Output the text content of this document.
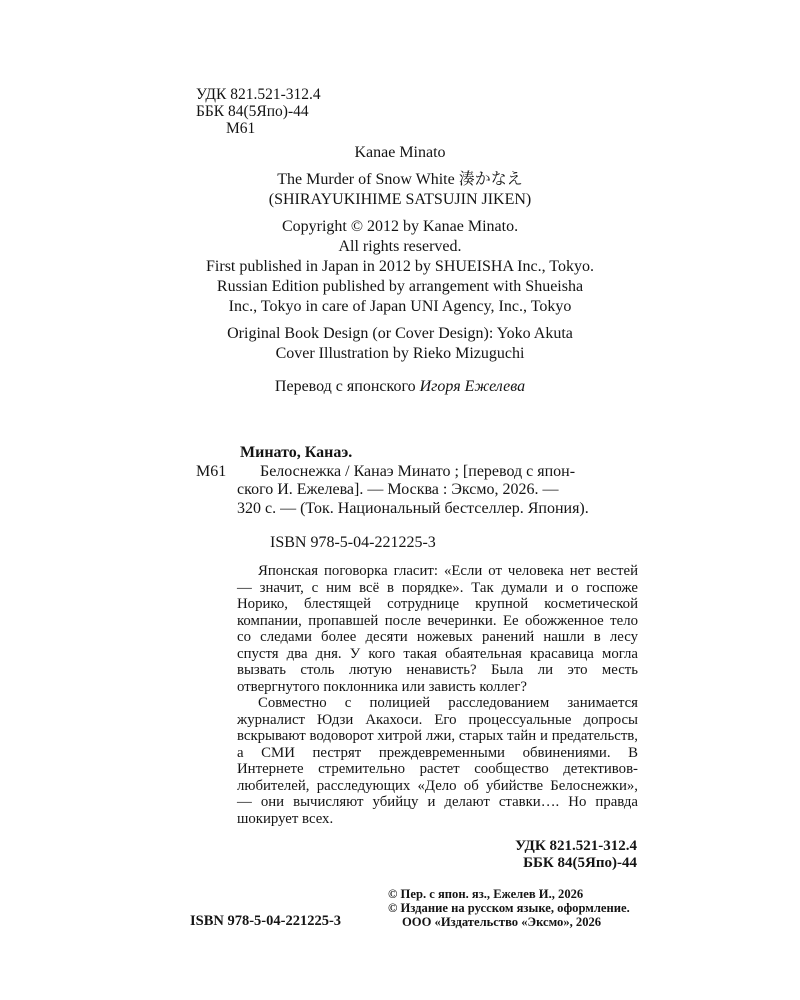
УДК 821.521-312.4
ББК 84(5Япо)-44
М61
Kanae Minato
The Murder of Snow White 湊かなえ
(SHIRAYUKIHIME SATSUJIN JIKEN)
Copyright © 2012 by Kanae Minato.
All rights reserved.
First published in Japan in 2012 by SHUEISHA Inc., Tokyo.
Russian Edition published by arrangement with Shueisha
Inc., Tokyo in care of Japan UNI Agency, Inc., Tokyo
Original Book Design (or Cover Design): Yoko Akuta
Cover Illustration by Rieko Mizuguchi
Перевод с японского Игоря Ежелева
Минато, Канаэ.
М61	Белоснежка / Канаэ Минато ; [перевод с япон-
ского И. Ежелева]. — Москва : Эксмо, 2026. —
320 с. — (Ток. Национальный бестселлер. Япония).
ISBN 978-5-04-221225-3

Японская поговорка гласит: «Если от человека нет вестей — значит, с ним всё в порядке». Так думали и о госпоже Норико, блестящей сотруднице крупной косметической компании, пропавшей после вечеринки. Ее обожженное тело со следами более десяти ножевых ранений нашли в лесу спустя два дня. У кого такая обаятельная красавица могла вызвать столь лютую ненависть? Была ли это месть отвергнутого поклонника или зависть коллег?

Совместно с полицией расследованием занимается журналист Юдзи Акахоси. Его процессуальные допросы вскрывают водоворот хитрой лжи, старых тайн и предательств, а СМИ пестрят преждевременными обвинениями. В Интернете стремительно растет сообщество детективов-любителей, расследующих «Дело об убийстве Белоснежки», — они вычисляют убийцу и делают ставки…. Но правда шокирует всех.

УДК 821.521-312.4
ББК 84(5Япо)-44
© Пер. с япон. яз., Ежелев И., 2026
© Издание на русском языке, оформление.
ООО «Издательство «Эксмо», 2026
ISBN 978-5-04-221225-3
